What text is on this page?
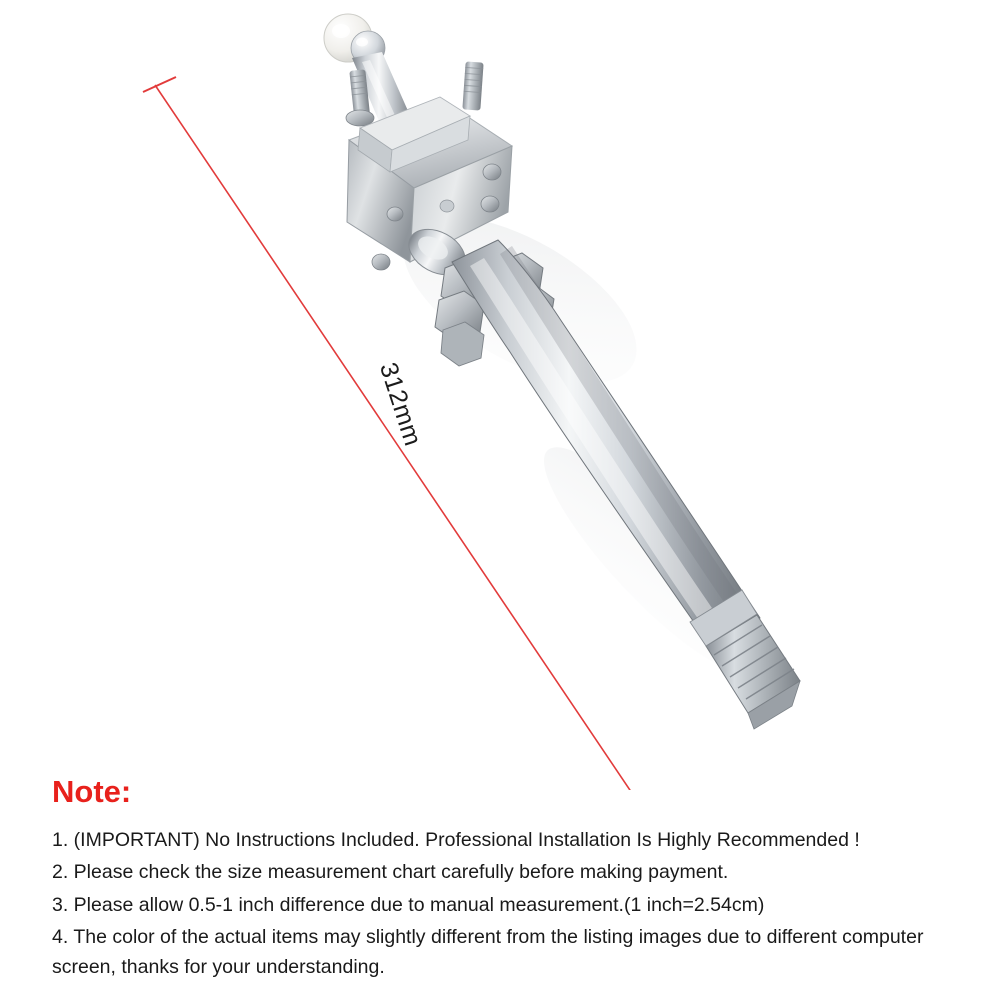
312mm
Note:
1. (IMPORTANT) No Instructions Included. Professional Installation Is Highly Recommended !
2. Please check the size measurement chart carefully before making payment.
3. Please allow 0.5-1 inch difference due to manual measurement.(1 inch=2.54cm)
4. The color of the actual items may slightly different from the listing images due to different computer screen, thanks for your understanding.
